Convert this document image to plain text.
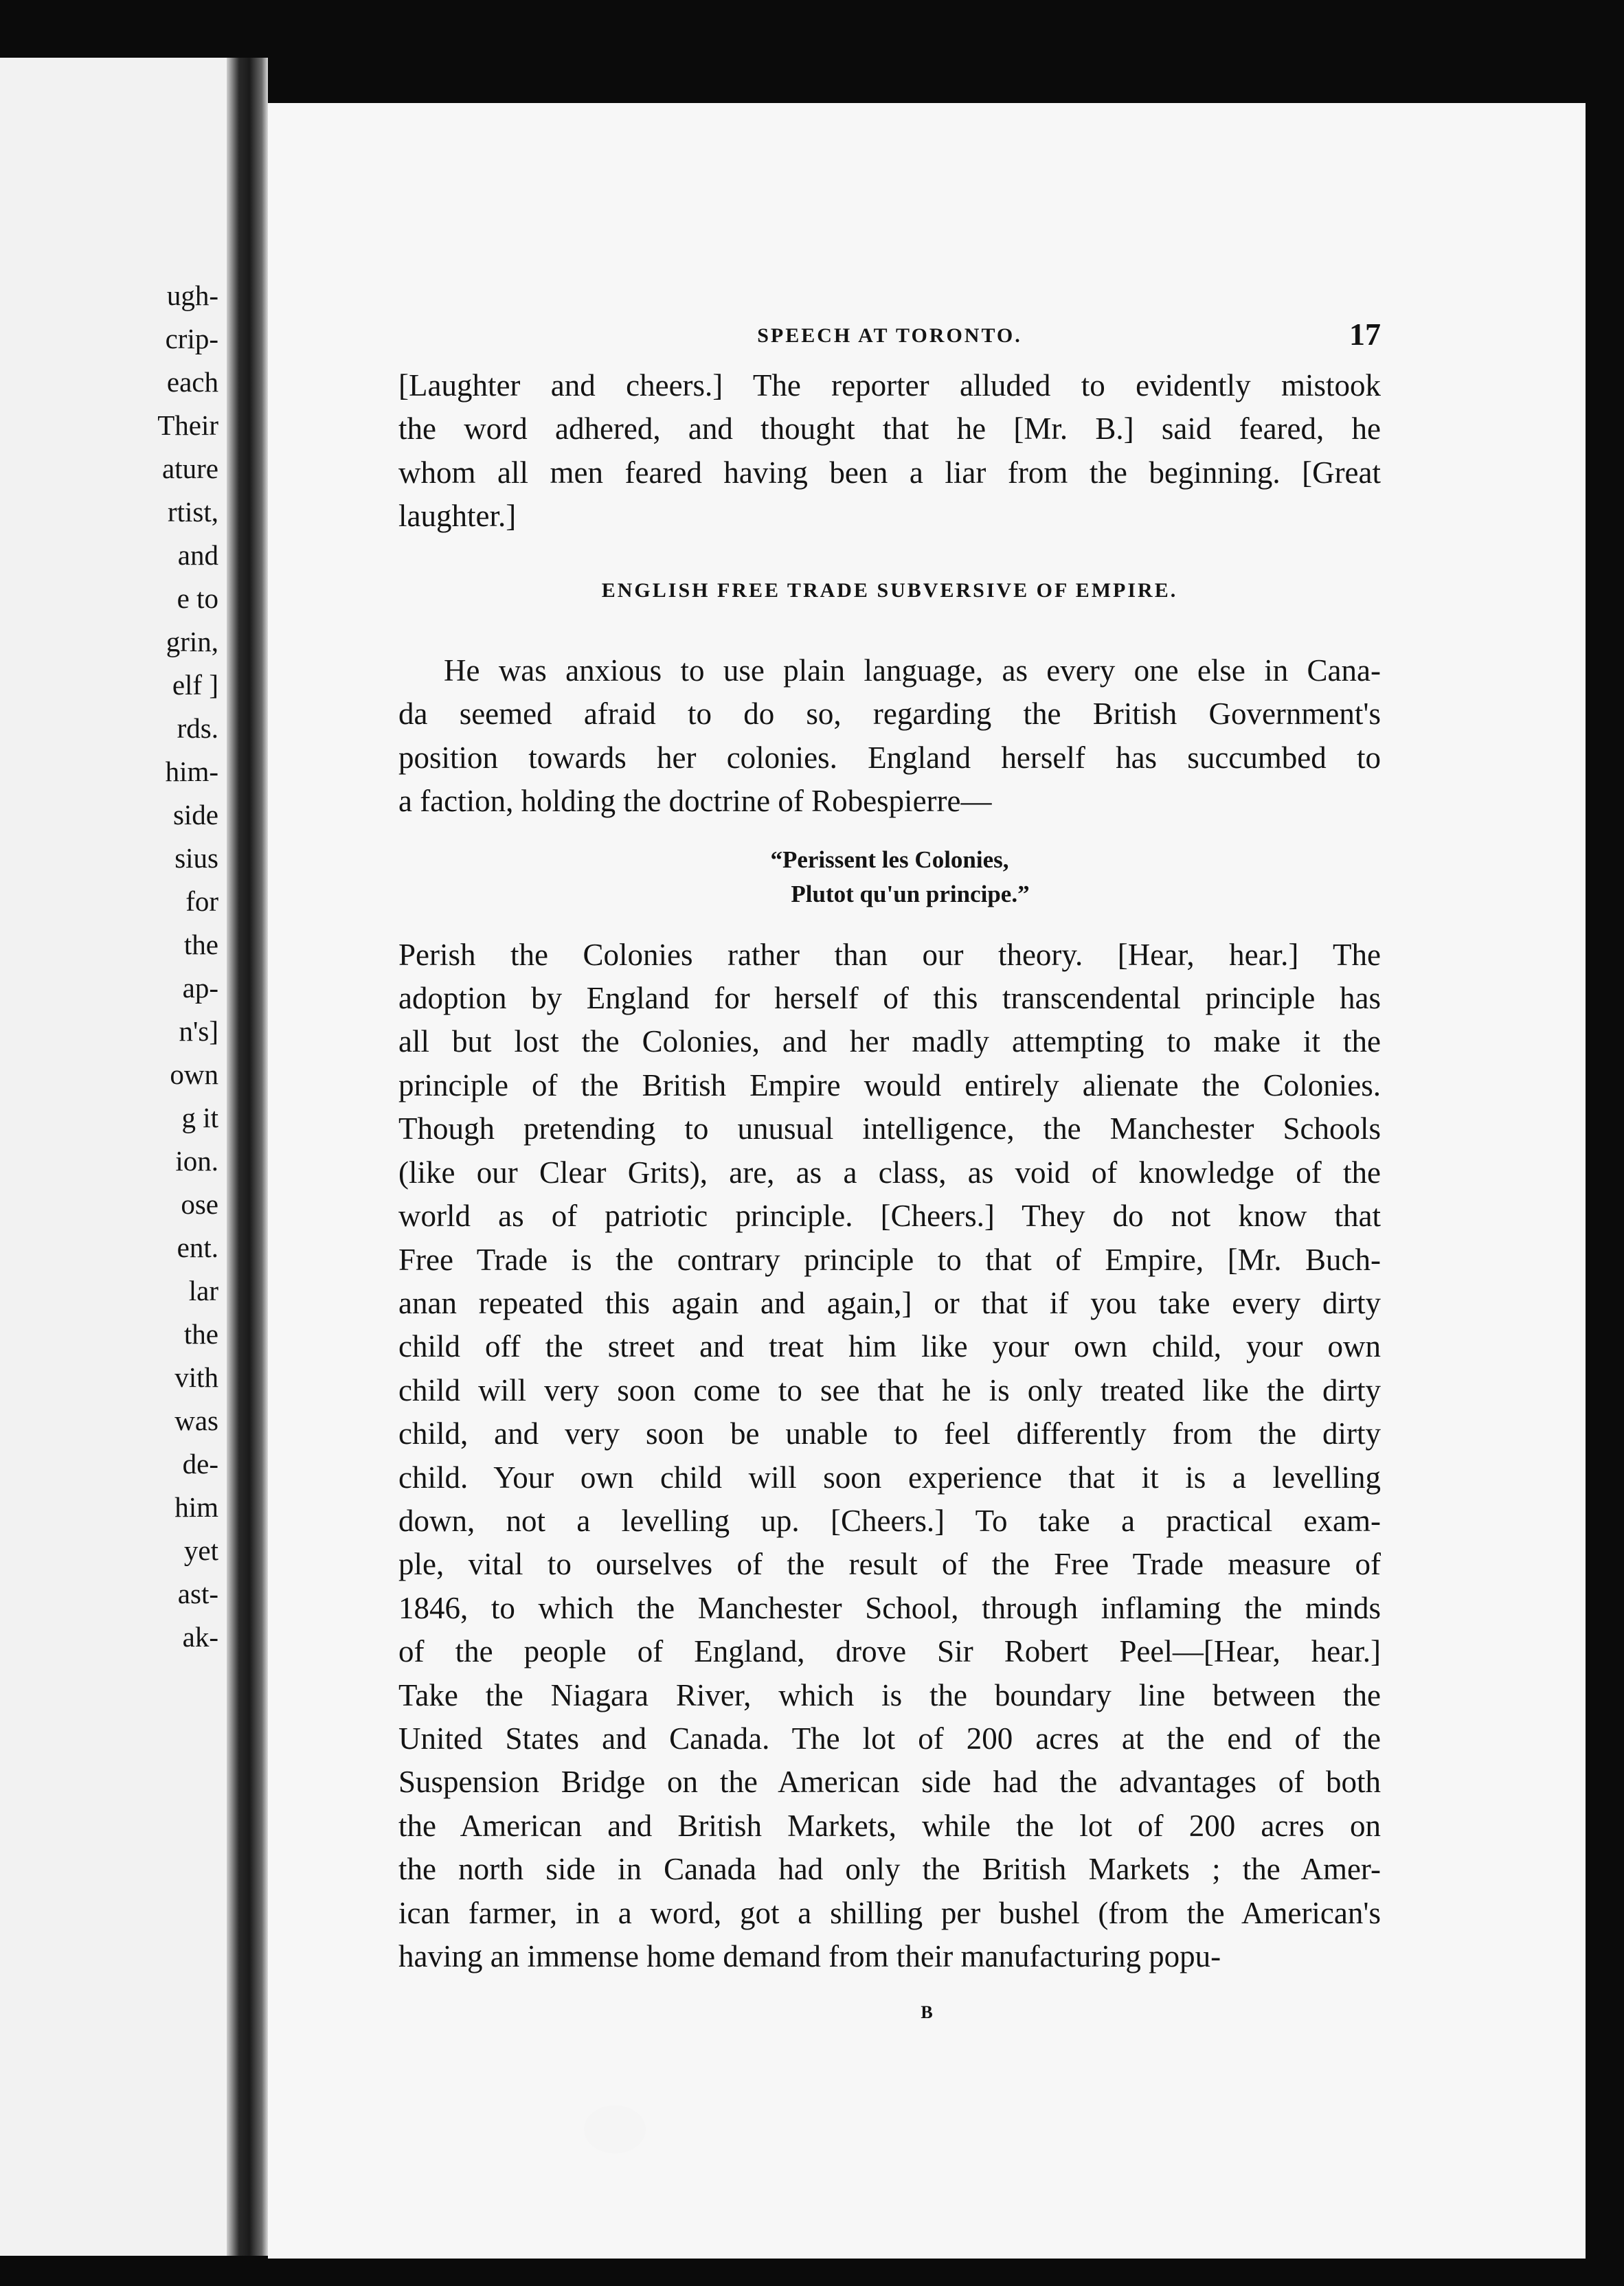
ugh-
crip-
each
Their
ature
rtist,
and
e to
grin,
elf ]
rds.
him-
side
sius
for
the
ap-
n's]
own
g it
ion.
ose
ent.
lar
the
vith
was
de-
him
yet
ast-
ak-
SPEECH AT TORONTO.	17
[Laughter and cheers.] The reporter alluded to evidently mistook
the word adhered, and thought that he [Mr. B.] said feared, he
whom all men feared having been a liar from the beginning. [Great
laughter.]
ENGLISH FREE TRADE SUBVERSIVE OF EMPIRE.
He was anxious to use plain language, as every one else in Cana-
da seemed afraid to do so, regarding the British Government's
position towards her colonies. England herself has succumbed to
a faction, holding the doctrine of Robespierre—
“Perissent les Colonies,
Plutot qu'un principe.”
Perish the Colonies rather than our theory. [Hear, hear.] The
adoption by England for herself of this transcendental principle has
all but lost the Colonies, and her madly attempting to make it the
principle of the British Empire would entirely alienate the Colonies.
Though pretending to unusual intelligence, the Manchester Schools
(like our Clear Grits), are, as a class, as void of knowledge of the
world as of patriotic principle. [Cheers.] They do not know that
Free Trade is the contrary principle to that of Empire, [Mr. Buch-
anan repeated this again and again,] or that if you take every dirty
child off the street and treat him like your own child, your own
child will very soon come to see that he is only treated like the dirty
child, and very soon be unable to feel differently from the dirty
child. Your own child will soon experience that it is a levelling
down, not a levelling up. [Cheers.] To take a practical exam-
ple, vital to ourselves of the result of the Free Trade measure of
1846, to which the Manchester School, through inflaming the minds
of the people of England, drove Sir Robert Peel—[Hear, hear.]
Take the Niagara River, which is the boundary line between the
United States and Canada. The lot of 200 acres at the end of the
Suspension Bridge on the American side had the advantages of both
the American and British Markets, while the lot of 200 acres on
the north side in Canada had only the British Markets ; the Amer-
ican farmer, in a word, got a shilling per bushel (from the American's
having an immense home demand from their manufacturing popu-
B
